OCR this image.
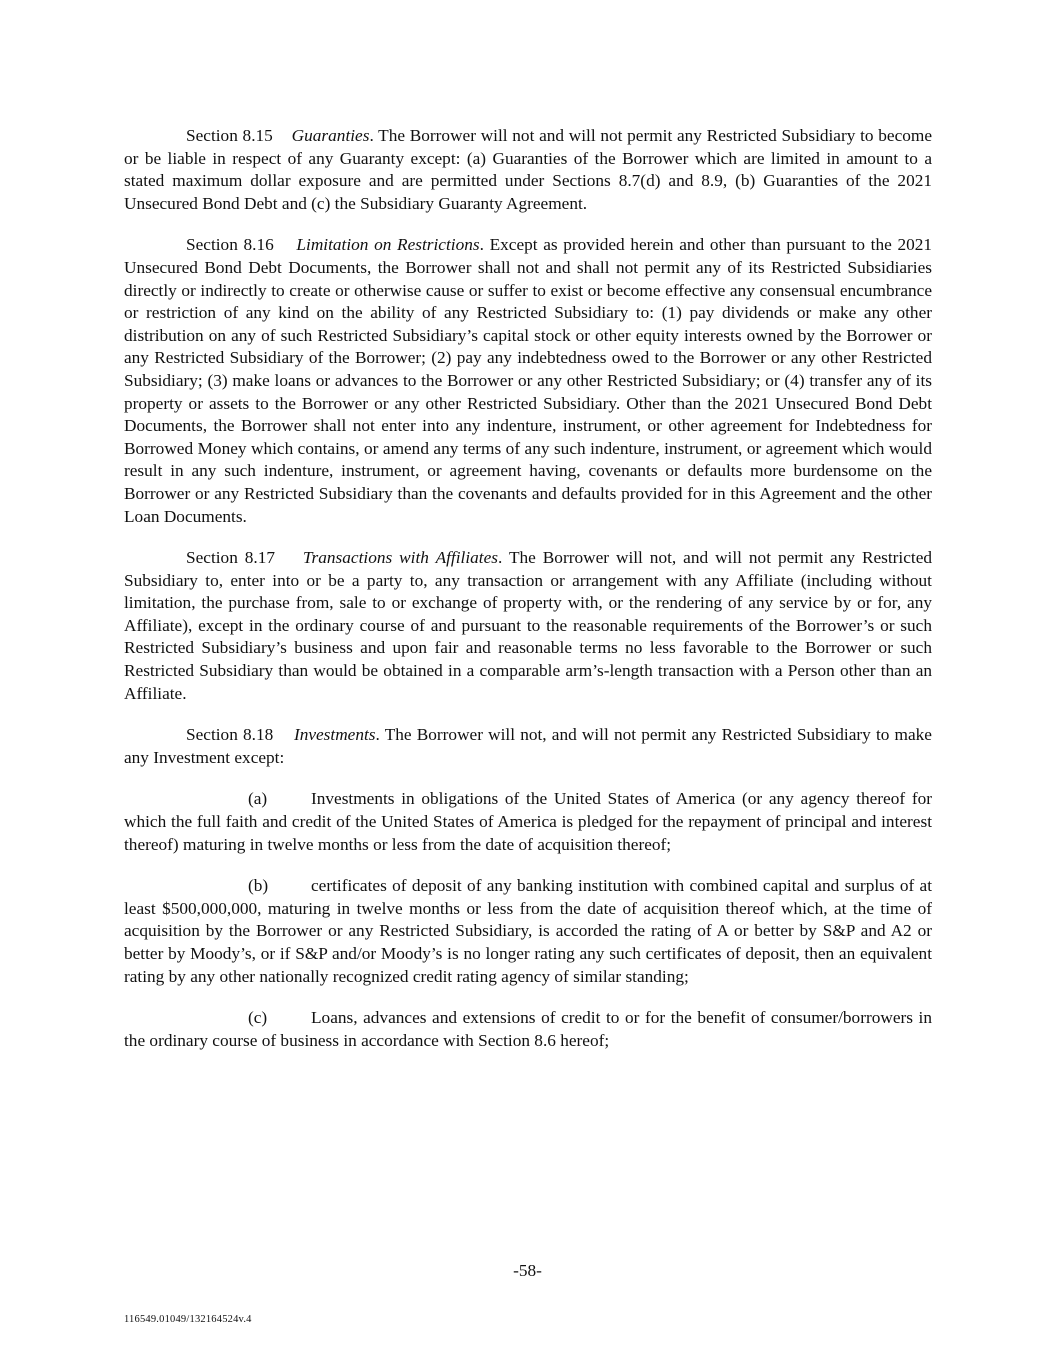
Section 8.15 Guaranties. The Borrower will not and will not permit any Restricted Subsidiary to become or be liable in respect of any Guaranty except: (a) Guaranties of the Borrower which are limited in amount to a stated maximum dollar exposure and are permitted under Sections 8.7(d) and 8.9, (b) Guaranties of the 2021 Unsecured Bond Debt and (c) the Subsidiary Guaranty Agreement.

Section 8.16 Limitation on Restrictions. Except as provided herein and other than pursuant to the 2021 Unsecured Bond Debt Documents, the Borrower shall not and shall not permit any of its Restricted Subsidiaries directly or indirectly to create or otherwise cause or suffer to exist or become effective any consensual encumbrance or restriction of any kind on the ability of any Restricted Subsidiary to: (1) pay dividends or make any other distribution on any of such Restricted Subsidiary’s capital stock or other equity interests owned by the Borrower or any Restricted Subsidiary of the Borrower; (2) pay any indebtedness owed to the Borrower or any other Restricted Subsidiary; (3) make loans or advances to the Borrower or any other Restricted Subsidiary; or (4) transfer any of its property or assets to the Borrower or any other Restricted Subsidiary. Other than the 2021 Unsecured Bond Debt Documents, the Borrower shall not enter into any indenture, instrument, or other agreement for Indebtedness for Borrowed Money which contains, or amend any terms of any such indenture, instrument, or agreement which would result in any such indenture, instrument, or agreement having, covenants or defaults more burdensome on the Borrower or any Restricted Subsidiary than the covenants and defaults provided for in this Agreement and the other Loan Documents.

Section 8.17 Transactions with Affiliates. The Borrower will not, and will not permit any Restricted Subsidiary to, enter into or be a party to, any transaction or arrangement with any Affiliate (including without limitation, the purchase from, sale to or exchange of property with, or the rendering of any service by or for, any Affiliate), except in the ordinary course of and pursuant to the reasonable requirements of the Borrower’s or such Restricted Subsidiary’s business and upon fair and reasonable terms no less favorable to the Borrower or such Restricted Subsidiary than would be obtained in a comparable arm’s-length transaction with a Person other than an Affiliate.

Section 8.18 Investments. The Borrower will not, and will not permit any Restricted Subsidiary to make any Investment except:

(a)	Investments in obligations of the United States of America (or any agency thereof for which the full faith and credit of the United States of America is pledged for the repayment of principal and interest thereof) maturing in twelve months or less from the date of acquisition thereof;

(b) certificates of deposit of any banking institution with combined capital and surplus of at least $500,000,000, maturing in twelve months or less from the date of acquisition thereof which, at the time of acquisition by the Borrower or any Restricted Subsidiary, is accorded the rating of A or better by S&P and A2 or better by Moody’s, or if S&P and/or Moody’s is no longer rating any such certificates of deposit, then an equivalent rating by any other nationally recognized credit rating agency of similar standing;

(c)	Loans, advances and extensions of credit to or for the benefit of consumer/borrowers in the ordinary course of business in accordance with Section 8.6 hereof;

-58-
116549.01049/132164524v.4
